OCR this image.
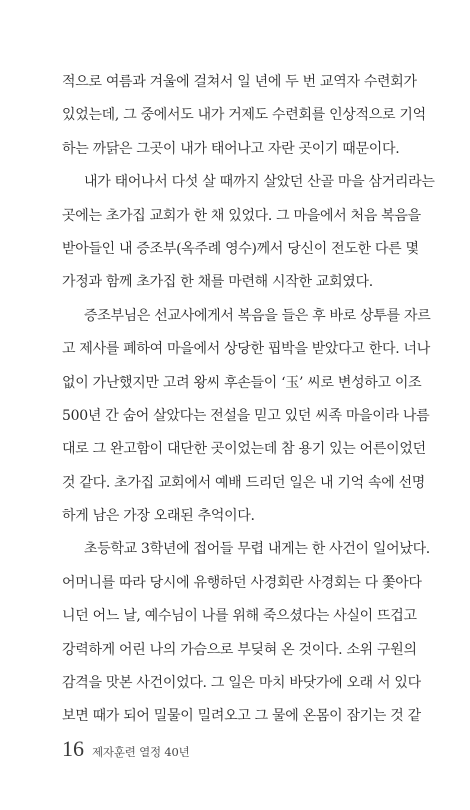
적으로 여름과 겨울에 걸쳐서 일 년에 두 번 교역자 수련회가
있었는데, 그 중에서도 내가 거제도 수련회를 인상적으로 기억
하는 까닭은 그곳이 내가 태어나고 자란 곳이기 때문이다.
내가 태어나서 다섯 살 때까지 살았던 산골 마을 삼거리라는
곳에는 초가집 교회가 한 채 있었다. 그 마을에서 처음 복음을
받아들인 내 증조부(옥주례 영수)께서 당신이 전도한 다른 몇
가정과 함께 초가집 한 채를 마련해 시작한 교회였다.
증조부님은 선교사에게서 복음을 들은 후 바로 상투를 자르
고 제사를 폐하여 마을에서 상당한 핍박을 받았다고 한다. 너나
없이 가난했지만 고려 왕씨 후손들이 ‘玉’ 씨로 변성하고 이조
500년 간 숨어 살았다는 전설을 믿고 있던 씨족 마을이라 나름
대로 그 완고함이 대단한 곳이었는데 참 용기 있는 어른이었던
것 같다. 초가집 교회에서 예배 드리던 일은 내 기억 속에 선명
하게 남은 가장 오래된 추억이다.
초등학교 3학년에 접어들 무렵 내게는 한 사건이 일어났다.
어머니를 따라 당시에 유행하던 사경회란 사경회는 다 쫓아다
니던 어느 날, 예수님이 나를 위해 죽으셨다는 사실이 뜨겁고
강력하게 어린 나의 가슴으로 부딪혀 온 것이다. 소위 구원의
감격을 맛본 사건이었다. 그 일은 마치 바닷가에 오래 서 있다
보면 때가 되어 밀물이 밀려오고 그 물에 온몸이 잠기는 것 같
16 제자훈련 열정 40년
